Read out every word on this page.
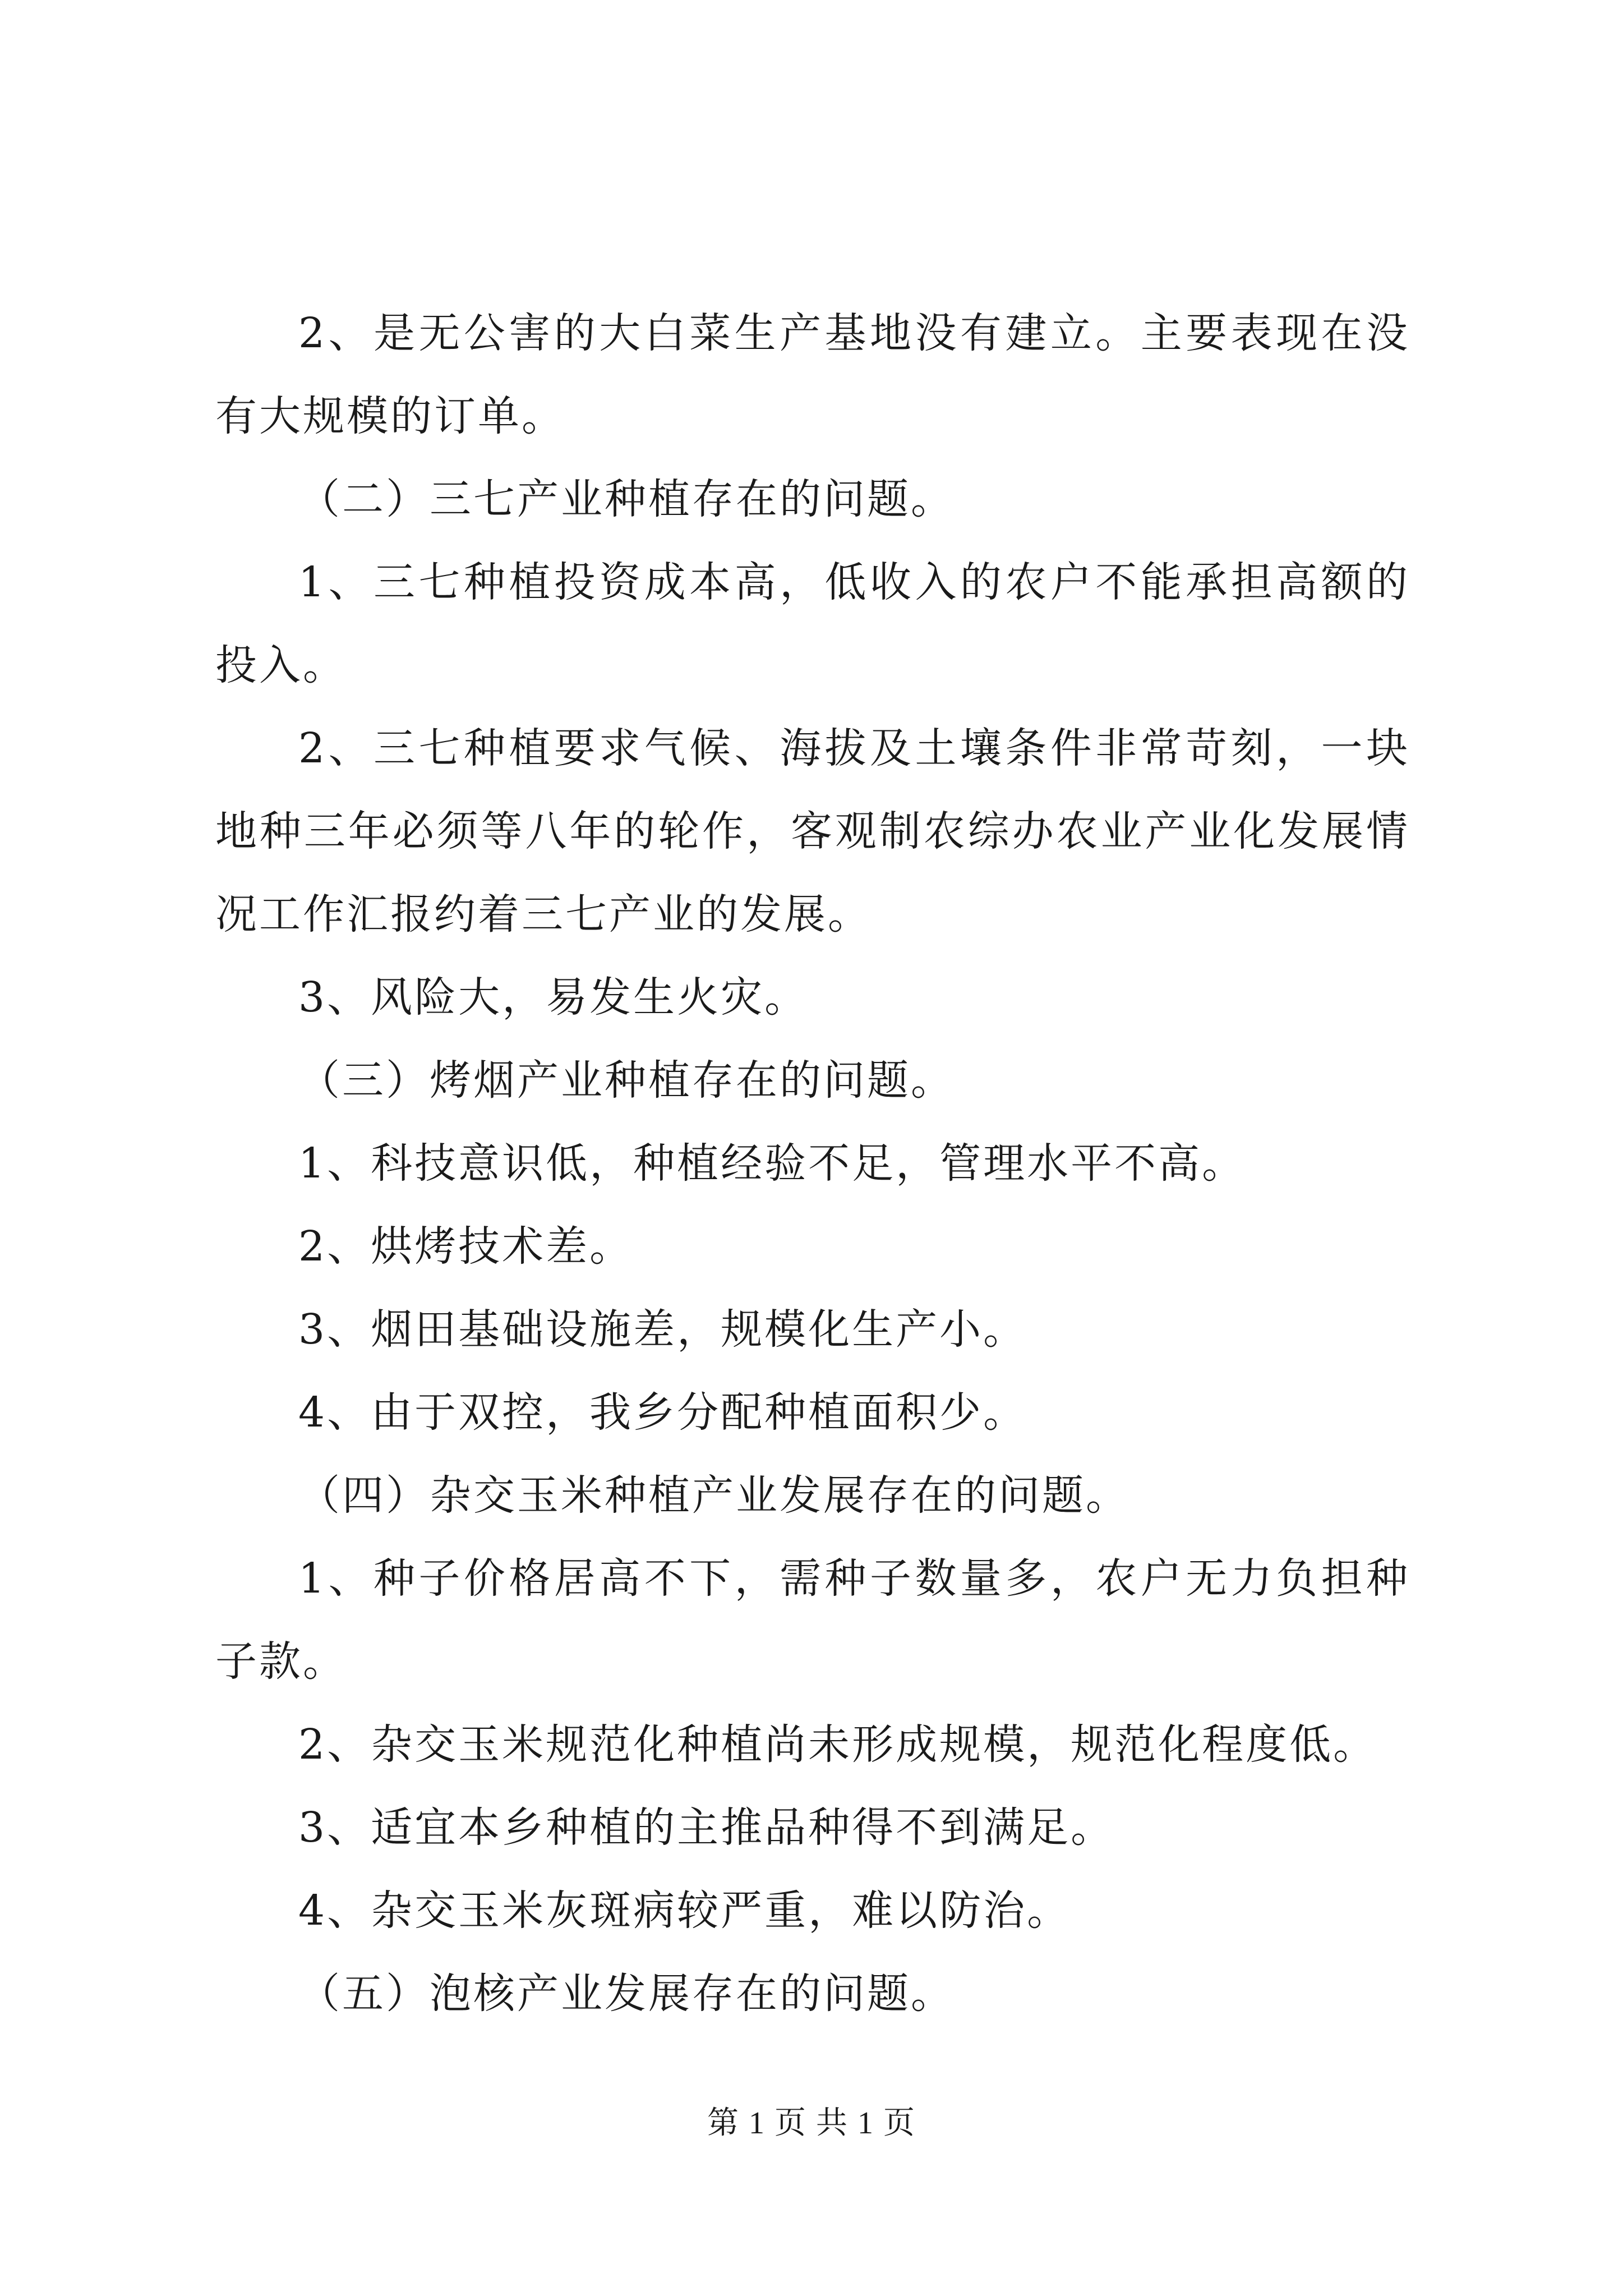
2、是无公害的大白菜生产基地没有建立。主要表现在没有大规模的订单。

（二）三七产业种植存在的问题。

1、三七种植投资成本高，低收入的农户不能承担高额的投入。

2、三七种植要求气候、海拔及土壤条件非常苛刻，一块地种三年必须等八年的轮作，客观制农综办农业产业化发展情况工作汇报约着三七产业的发展。

3、风险大，易发生火灾。

（三）烤烟产业种植存在的问题。

1、科技意识低，种植经验不足，管理水平不高。

2、烘烤技术差。

3、烟田基础设施差，规模化生产小。

4、由于双控，我乡分配种植面积少。

（四）杂交玉米种植产业发展存在的问题。

1、种子价格居高不下，需种子数量多，农户无力负担种子款。

2、杂交玉米规范化种植尚未形成规模，规范化程度低。

3、适宜本乡种植的主推品种得不到满足。

4、杂交玉米灰斑病较严重，难以防治。

（五）泡核产业发展存在的问题。

第 1 页 共 1 页
